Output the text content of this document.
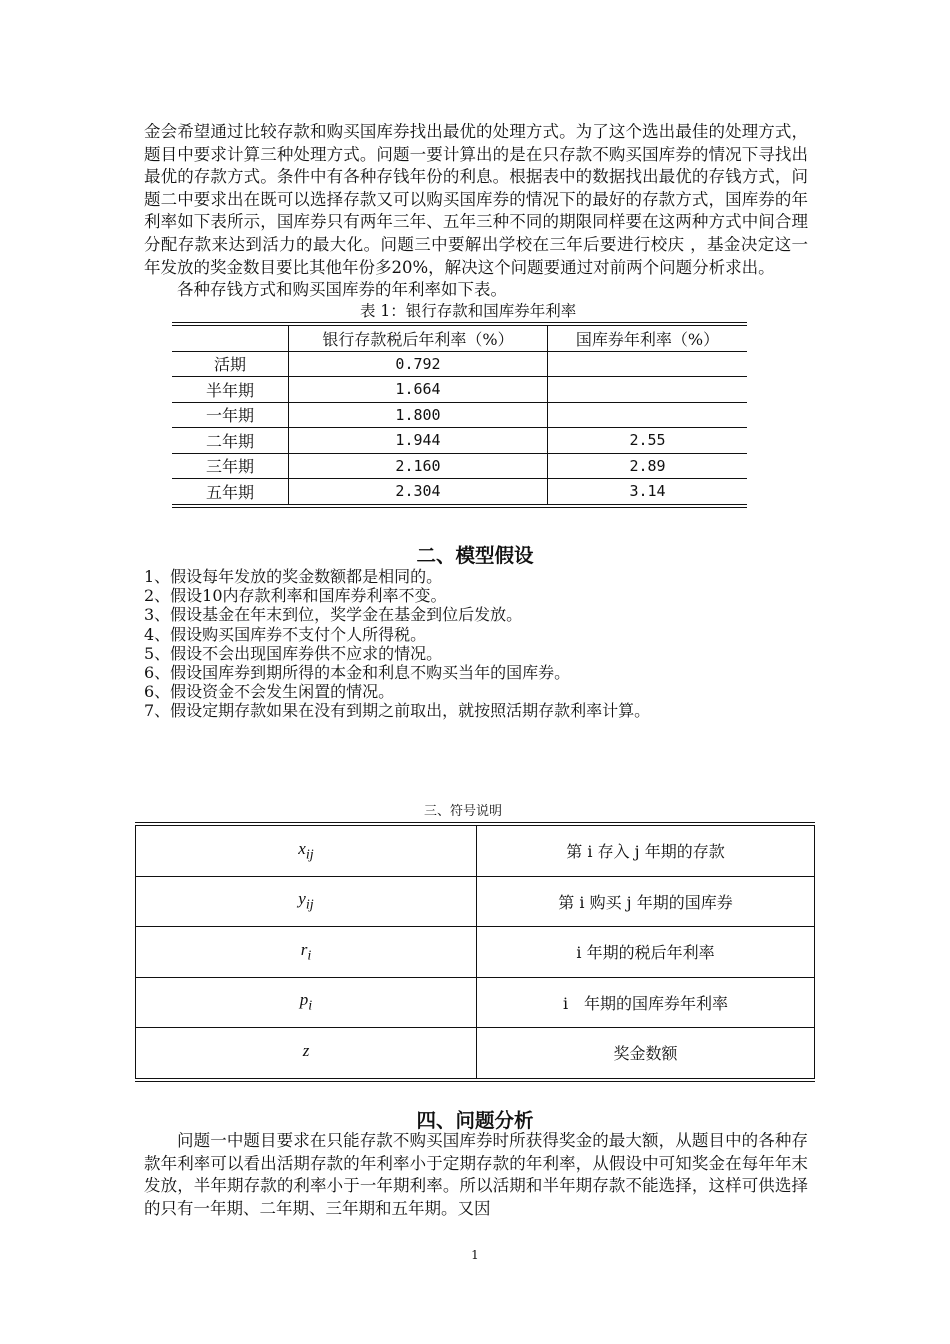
金会希望通过比较存款和购买国库券找出最优的处理方式。为了这个选出最佳的处理方式，题目中要求计算三种处理方式。问题一要计算出的是在只存款不购买国库券的情况下寻找出最优的存款方式。条件中有各种存钱年份的利息。根据表中的数据找出最优的存钱方式，问题二中要求出在既可以选择存款又可以购买国库券的情况下的最好的存款方式，国库券的年利率如下表所示，国库券只有两年三年、五年三种不同的期限同样要在这两种方式中间合理分配存款来达到活力的最大化。问题三中要解出学校在三年后要进行校庆 ，基金决定这一年发放的奖金数目要比其他年份多20%，解决这个问题要通过对前两个问题分析求出。

各种存钱方式和购买国库券的年利率如下表。

表 1：银行存款和国库券年利率
	银行存款税后年利率（%）	国库券年利率（%）
活期	0.792	
半年期	1.664	
一年期	1.800	
二年期	1.944	2.55
三年期	2.160	2.89
五年期	2.304	3.14
二、模型假设
1、假设每年发放的奖金数额都是相同的。
2、假设10内存款利率和国库券利率不变。
3、假设基金在年末到位，奖学金在基金到位后发放。
4、假设购买国库券不支付个人所得税。
5、假设不会出现国库券供不应求的情况。
6、假设国库券到期所得的本金和利息不购买当年的国库券。
6、假设资金不会发生闲置的情况。
7、假设定期存款如果在没有到期之前取出，就按照活期存款利率计算。
三、符号说明
$x_{ij}$	第 i 存入 j 年期的存款
$y_{ij}$	第 i 购买 j 年期的国库券
$r_i$	i 年期的税后年利率
$p_i$	i　年期的国库券年利率
z	奖金数额
四、问题分析

问题一中题目要求在只能存款不购买国库券时所获得奖金的最大额，从题目中的各种存款年利率可以看出活期存款的年利率小于定期存款的年利率，从假设中可知奖金在每年年末发放，半年期存款的利率小于一年期利率。所以活期和半年期存款不能选择，这样可供选择的只有一年期、二年期、三年期和五年期。又因

1
